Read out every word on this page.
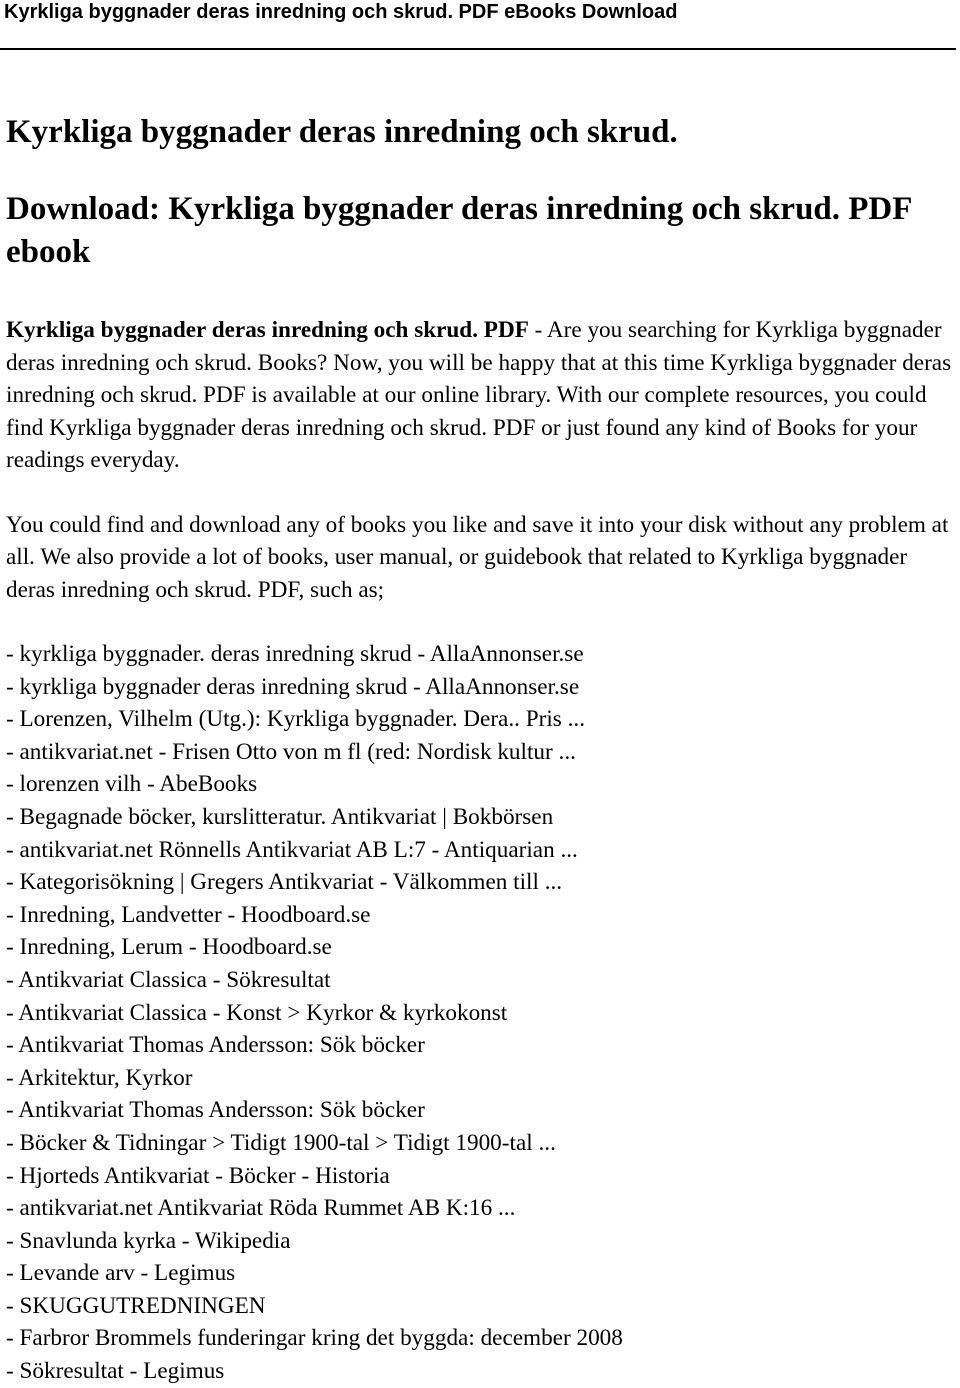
Kyrkliga byggnader deras inredning och skrud. PDF eBooks Download
Kyrkliga byggnader deras inredning och skrud.
Download: Kyrkliga byggnader deras inredning och skrud. PDF ebook

Kyrkliga byggnader deras inredning och skrud. PDF - Are you searching for Kyrkliga byggnader deras inredning och skrud. Books? Now, you will be happy that at this time Kyrkliga byggnader deras inredning och skrud. PDF is available at our online library. With our complete resources, you could find Kyrkliga byggnader deras inredning och skrud. PDF or just found any kind of Books for your readings everyday.

You could find and download any of books you like and save it into your disk without any problem at all. We also provide a lot of books, user manual, or guidebook that related to Kyrkliga byggnader deras inredning och skrud. PDF, such as;

- kyrkliga byggnader. deras inredning skrud - AllaAnnonser.se
- kyrkliga byggnader deras inredning skrud - AllaAnnonser.se
- Lorenzen, Vilhelm (Utg.): Kyrkliga byggnader. Dera.. Pris ...
- antikvariat.net - Frisen Otto von m fl (red: Nordisk kultur ...
- lorenzen vilh - AbeBooks
- Begagnade böcker, kurslitteratur. Antikvariat | Bokbörsen
- antikvariat.net Rönnells Antikvariat AB L:7 - Antiquarian ...
- Kategorisökning | Gregers Antikvariat - Välkommen till ...
- Inredning, Landvetter - Hoodboard.se
- Inredning, Lerum - Hoodboard.se
- Antikvariat Classica - Sökresultat
- Antikvariat Classica - Konst > Kyrkor & kyrkokonst
- Antikvariat Thomas Andersson: Sök böcker
- Arkitektur, Kyrkor
- Antikvariat Thomas Andersson: Sök böcker
- Böcker & Tidningar > Tidigt 1900-tal > Tidigt 1900-tal ...
- Hjorteds Antikvariat - Böcker - Historia
- antikvariat.net Antikvariat Röda Rummet AB K:16 ...
- Snavlunda kyrka - Wikipedia
- Levande arv - Legimus
- SKUGGUTREDNINGEN
- Farbror Brommels funderingar kring det byggda: december 2008
- Sökresultat - Legimus
